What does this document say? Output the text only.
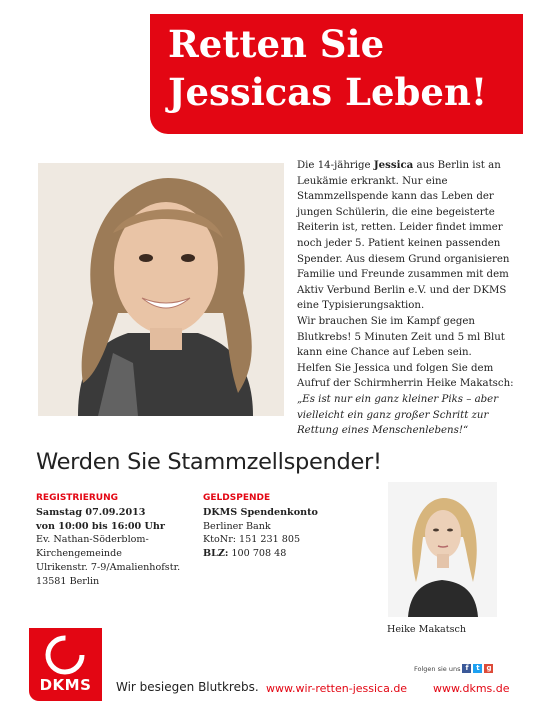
Retten Sie
Jessicas Leben!

Die 14-jährige Jessica aus Berlin ist an Leukämie erkrankt. Nur eine Stammzellspende kann das Leben der jungen Schülerin, die eine begeisterte Reiterin ist, retten. Leider findet immer noch jeder 5. Patient keinen passenden Spender. Aus diesem Grund organisieren Familie und Freunde zusammen mit dem Aktiv Verbund Berlin e.V. und der DKMS eine Typisierungsaktion.

Wir brauchen Sie im Kampf gegen Blutkrebs! 5 Minuten Zeit und 5 ml Blut kann eine Chance auf Leben sein.

Helfen Sie Jessica und folgen Sie dem Aufruf der Schirmherrin Heike Makatsch: „Es ist nur ein ganz kleiner Piks – aber vielleicht ein ganz großer Schritt zur Rettung eines Menschenlebens!“

Werden Sie Stammzellspender!
REGISTRIERUNG
Samstag 07.09.2013
von 10:00 bis 16:00 Uhr
Ev. Nathan-Söderblom-
Kirchengemeinde
Ulrikenstr. 7-9/Amalienhofstr.
13581 Berlin
GELDSPENDE
DKMS Spendenkonto
Berliner Bank
KtoNr: 151 231 805
BLZ: 100 708 48
Heike Makatsch
DKMS	Wir besiegen Blutkrebs. www.wir-retten-jessica.de www.dkms.de
Folgen sie uns f	t g
